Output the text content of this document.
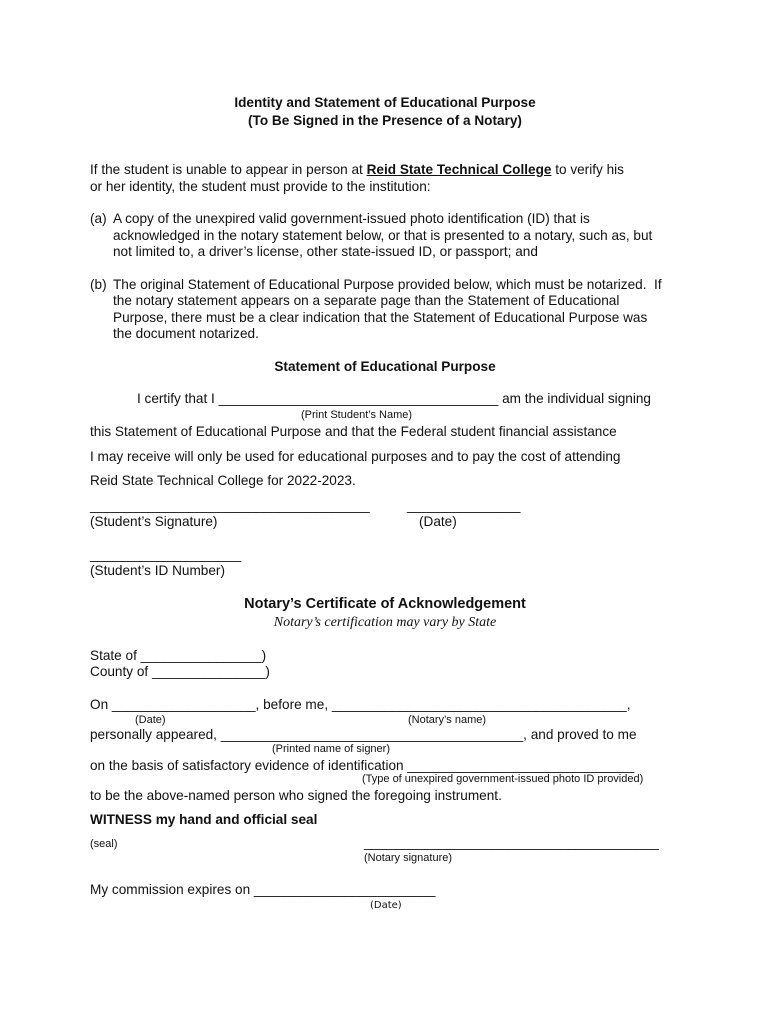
Identity and Statement of Educational Purpose
(To Be Signed in the Presence of a Notary)
If the student is unable to appear in person at Reid State Technical College to verify his
or her identity, the student must provide to the institution:
(a) A copy of the unexpired valid government-issued photo identification (ID) that is
acknowledged in the notary statement below, or that is presented to a notary, such as, but
not limited to, a driver’s license, other state-issued ID, or passport; and
(b) The original Statement of Educational Purpose provided below, which must be notarized.  If
the notary statement appears on a separate page than the Statement of Educational
Purpose, there must be a clear indication that the Statement of Educational Purpose was
the document notarized.
Statement of Educational Purpose
I certify that I _____________________________________ am the individual signing
(Print Student’s Name)
this Statement of Educational Purpose and that the Federal student financial assistance
I may receive will only be used for educational purposes and to pay the cost of attending
Reid State Technical College for 2022-2023.
_____________________________________	_______________
(Student’s Signature)	(Date)
____________________
(Student’s ID Number)
Notary’s Certificate of Acknowledgement
Notary’s certification may vary by State
State of ________________)
County of _______________)
On ___________________, before me, _______________________________________,
(Date)	(Notary’s name)
personally appeared, ________________________________________, and proved to me
(Printed name of signer)
on the basis of satisfactory evidence of identification ______________________________
(Type of unexpired government-issued photo ID provided)
to be the above-named person who signed the foregoing instrument.
WITNESS my hand and official seal
(seal)	_______________________________________
(Notary signature)
My commission expires on ________________________
(Date)
